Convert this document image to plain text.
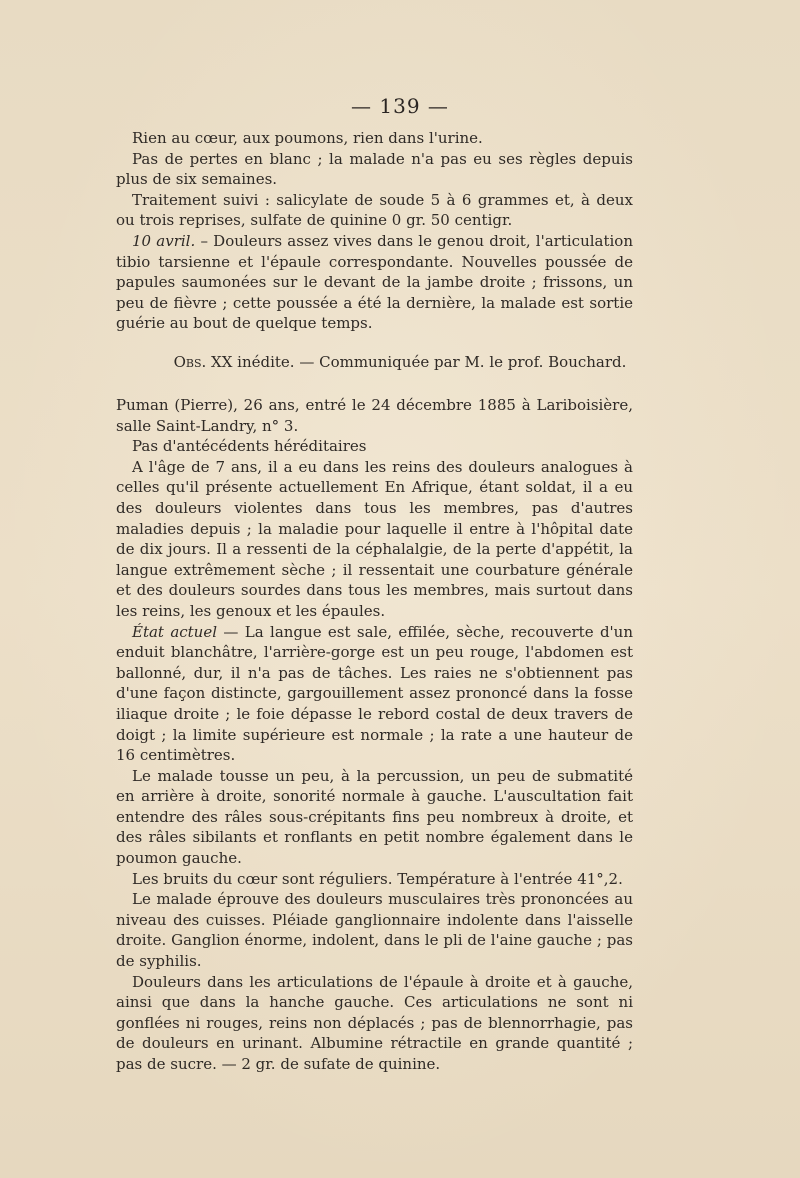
— 139 —

Rien au cœur, aux poumons, rien dans l'urine.

Pas de pertes en blanc ; la malade n'a pas eu ses règles depuis plus de six semaines.

Traitement suivi : salicylate de soude 5 à 6 grammes et, à deux ou trois reprises, sulfate de quinine 0 gr. 50 centigr.

10 avril. – Douleurs assez vives dans le genou droit, l'articulation tibio tarsienne et l'épaule correspondante. Nouvelles poussée de papules saumonées sur le devant de la jambe droite ; frissons, un peu de fièvre ; cette poussée a été la dernière, la malade est sortie guérie au bout de quelque temps.

Obs. XX inédite. — Communiquée par M. le prof. Bouchard.

Puman (Pierre), 26 ans, entré le 24 décembre 1885 à Lariboisière, salle Saint-Landry, n° 3.

Pas d'antécédents héréditaires

A l'âge de 7 ans, il a eu dans les reins des douleurs analogues à celles qu'il présente actuellement En Afrique, étant soldat, il a eu des douleurs violentes dans tous les membres, pas d'autres maladies depuis ; la maladie pour laquelle il entre à l'hôpital date de dix jours. Il a ressenti de la céphalalgie, de la perte d'appétit, la langue extrêmement sèche ; il ressentait une courbature générale et des douleurs sourdes dans tous les membres, mais surtout dans les reins, les genoux et les épaules.

État actuel — La langue est sale, effilée, sèche, recouverte d'un enduit blanchâtre, l'arrière-gorge est un peu rouge, l'abdomen est ballonné, dur, il n'a pas de tâches. Les raies ne s'obtiennent pas d'une façon distincte, gargouillement assez prononcé dans la fosse iliaque droite ; le foie dépasse le rebord costal de deux travers de doigt ; la limite supérieure est normale ; la rate a une hauteur de 16 centimètres.

Le malade tousse un peu, à la percussion, un peu de submatité en arrière à droite, sonorité normale à gauche. L'auscultation fait entendre des râles sous-crépitants fins peu nombreux à droite, et des râles sibilants et ronflants en petit nombre également dans le poumon gauche.

Les bruits du cœur sont réguliers. Température à l'entrée 41°,2.

Le malade éprouve des douleurs musculaires très prononcées au niveau des cuisses. Pléiade ganglionnaire indolente dans l'aisselle droite. Ganglion énorme, indolent, dans le pli de l'aine gauche ; pas de syphilis.

Douleurs dans les articulations de l'épaule à droite et à gauche, ainsi que dans la hanche gauche. Ces articulations ne sont ni gonflées ni rouges, reins non déplacés ; pas de blennorrhagie, pas de douleurs en urinant. Albumine rétractile en grande quantité ; pas de sucre. — 2 gr. de sufate de quinine.
